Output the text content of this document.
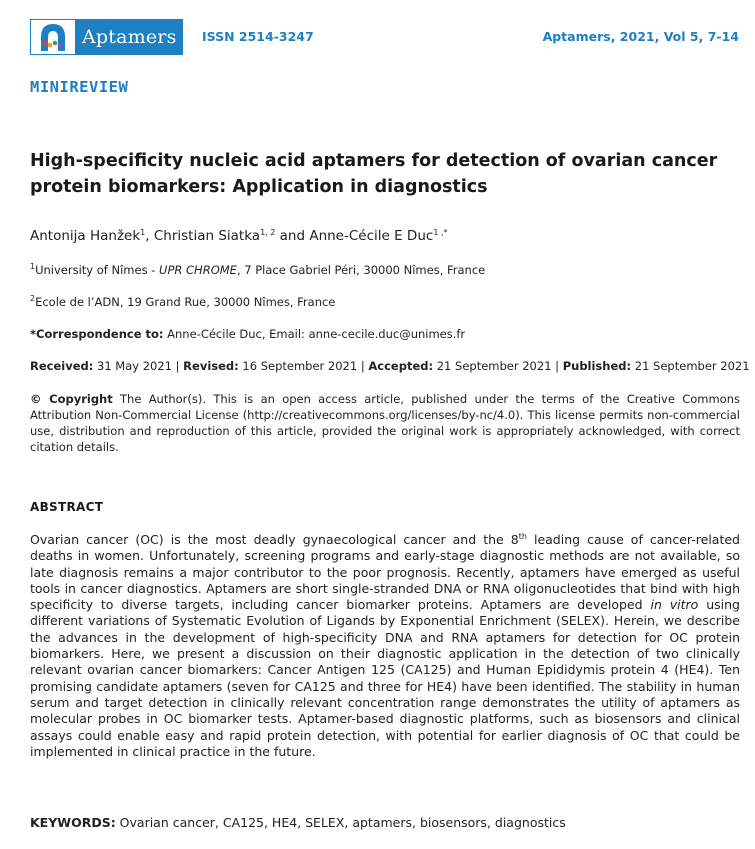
Aptamers ISSN 2514-3247	Aptamers, 2021, Vol 5, 7-14
MINIREVIEW
High-specificity nucleic acid aptamers for detection of ovarian cancer protein biomarkers: Application in diagnostics
Antonija Hanžek$^1$, Christian Siatka$^{1, 2}$ and Anne-Cécile E Duc$^{1 ,*}$
$^1$University of Nîmes - UPR CHROME, 7 Place Gabriel Péri, 30000 Nîmes, France
$^2$Ecole de l’ADN, 19 Grand Rue, 30000 Nîmes, France
*Correspondence to: Anne-Cécile Duc, Email: anne-cecile.duc@unimes.fr
Received: 31 May 2021 | Revised: 16 September 2021 | Accepted: 21 September 2021 | Published: 21 September 2021

© Copyright The Author(s). This is an open access article, published under the terms of the Creative Commons Attribution Non-Commercial License (http://creativecommons.org/licenses/by-nc/4.0). This license permits non-commercial use, distribution and reproduction of this article, provided the original work is appropriately acknowledged, with correct citation details.

ABSTRACT

Ovarian cancer (OC) is the most deadly gynaecological cancer and the 8th leading cause of cancer-related deaths in women. Unfortunately, screening programs and early-stage diagnostic methods are not available, so late diagnosis remains a major contributor to the poor prognosis. Recently, aptamers have emerged as useful tools in cancer diagnostics. Aptamers are short single-stranded DNA or RNA oligonucleotides that bind with high specificity to diverse targets, including cancer biomarker proteins. Aptamers are developed in vitro using different variations of Systematic Evolution of Ligands by Exponential Enrichment (SELEX). Herein, we describe the advances in the development of high-specificity DNA and RNA aptamers for detection for OC protein biomarkers. Here, we present a discussion on their diagnostic application in the detection of two clinically relevant ovarian cancer biomarkers: Cancer Antigen 125 (CA125) and Human Epididymis protein 4 (HE4). Ten promising candidate aptamers (seven for CA125 and three for HE4) have been identified. The stability in human serum and target detection in clinically relevant concentration range demonstrates the utility of aptamers as molecular probes in OC biomarker tests. Aptamer-based diagnostic platforms, such as biosensors and clinical assays could enable easy and rapid protein detection, with potential for earlier diagnosis of OC that could be implemented in clinical practice in the future.

KEYWORDS: Ovarian cancer, CA125, HE4, SELEX, aptamers, biosensors, diagnostics
